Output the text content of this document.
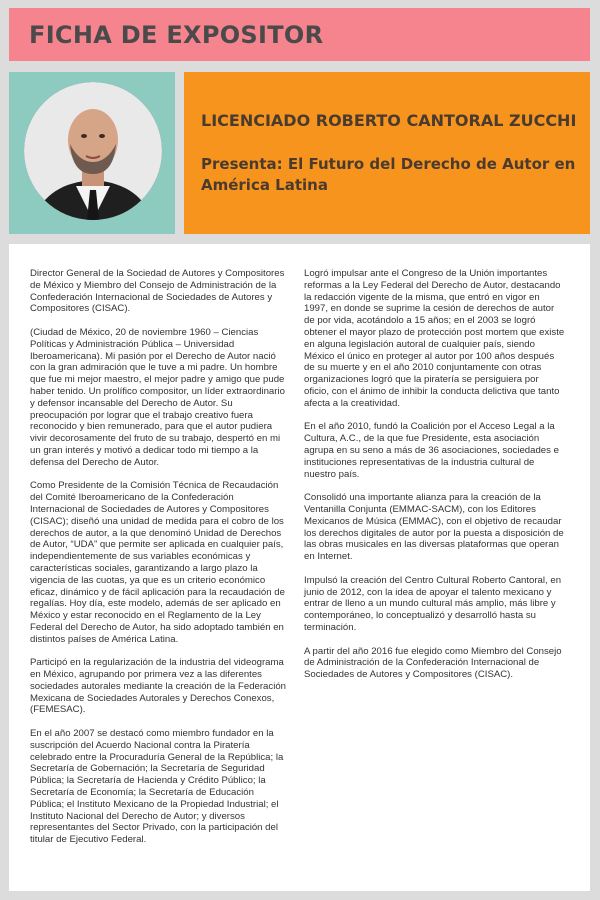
FICHA DE EXPOSITOR
LICENCIADO ROBERTO CANTORAL ZUCCHI

Presenta: El Futuro del Derecho de Autor en América Latina

Director General de la Sociedad de Autores y Compositores de México y Miembro del Consejo de Administración de la Confederación Internacional de Sociedades de Autores y Compositores (CISAC).

(Ciudad de México, 20 de noviembre 1960 – Ciencias Políticas y Administración Pública – Universidad Iberoamericana). Mi pasión por el Derecho de Autor nació con la gran admiración que le tuve a mi padre. Un hombre que fue mi mejor maestro, el mejor padre y amigo que pude haber tenido. Un prolífico compositor, un líder extraordinario y defensor incansable del Derecho de Autor. Su preocupación por lograr que el trabajo creativo fuera reconocido y bien remunerado, para que el autor pudiera vivir decorosamente del fruto de su trabajo, despertó en mi un gran interés y motivó a dedicar todo mi tiempo a la defensa del Derecho de Autor.

Como Presidente de la Comisión Técnica de Recaudación del Comité Iberoamericano de la Confederación Internacional de Sociedades de Autores y Compositores (CISAC); diseñó una unidad de medida para el cobro de los derechos de autor, a la que denominó Unidad de Derechos de Autor, “UDA” que permite ser aplicada en cualquier país, independientemente de sus variables económicas y características sociales, garantizando a largo plazo la vigencia de las cuotas, ya que es un criterio económico eficaz, dinámico y de fácil aplicación para la recaudación de regalías. Hoy día, este modelo, además de ser aplicado en México y estar reconocido en el Reglamento de la Ley Federal del Derecho de Autor, ha sido adoptado también en distintos países de América Latina.

Participó en la regularización de la industria del videograma en México, agrupando por primera vez a las diferentes sociedades autorales mediante la creación de la Federación Mexicana de Sociedades Autorales y Derechos Conexos, (FEMESAC).

En el año 2007 se destacó como miembro fundador en la suscripción del Acuerdo Nacional contra la Piratería celebrado entre la Procuraduría General de la República; la Secretaría de Gobernación; la Secretaría de Seguridad Pública; la Secretaría de Hacienda y Crédito Público; la Secretaría de Economía; la Secretaría de Educación Pública; el Instituto Mexicano de la Propiedad Industrial; el Instituto Nacional del Derecho de Autor; y diversos representantes del Sector Privado, con la participación del titular de Ejecutivo Federal.

Logró impulsar ante el Congreso de la Unión importantes reformas a la Ley Federal del Derecho de Autor, destacando la redacción vigente de la misma, que entró en vigor en 1997, en donde se suprime la cesión de derechos de autor de por vida, acotándolo a 15 años; en el 2003 se logró obtener el mayor plazo de protección post mortem que existe en alguna legislación autoral de cualquier país, siendo México el único en proteger al autor por 100 años después de su muerte y en el año 2010 conjuntamente con otras organizaciones logró que la piratería se persiguiera por oficio, con el ánimo de inhibir la conducta delictiva que tanto afecta a la creatividad.

En el año 2010, fundó la Coalición por el Acceso Legal a la Cultura, A.C., de la que fue Presidente, esta asociación agrupa en su seno a más de 36 asociaciones, sociedades e instituciones representativas de la industria cultural de nuestro país.

Consolidó una importante alianza para la creación de la Ventanilla Conjunta (EMMAC-SACM), con los Editores Mexicanos de Música (EMMAC), con el objetivo de recaudar los derechos digitales de autor por la puesta a disposición de las obras musicales en las diversas plataformas que operan en Internet.

Impulsó la creación del Centro Cultural Roberto Cantoral, en junio de 2012, con la idea de apoyar el talento mexicano y entrar de lleno a un mundo cultural más amplio, más libre y contemporáneo, lo conceptualizó y desarrolló hasta su terminación.

A partir del año 2016 fue elegido como Miembro del Consejo de Administración de la Confederación Internacional de Sociedades de Autores y Compositores (CISAC).
